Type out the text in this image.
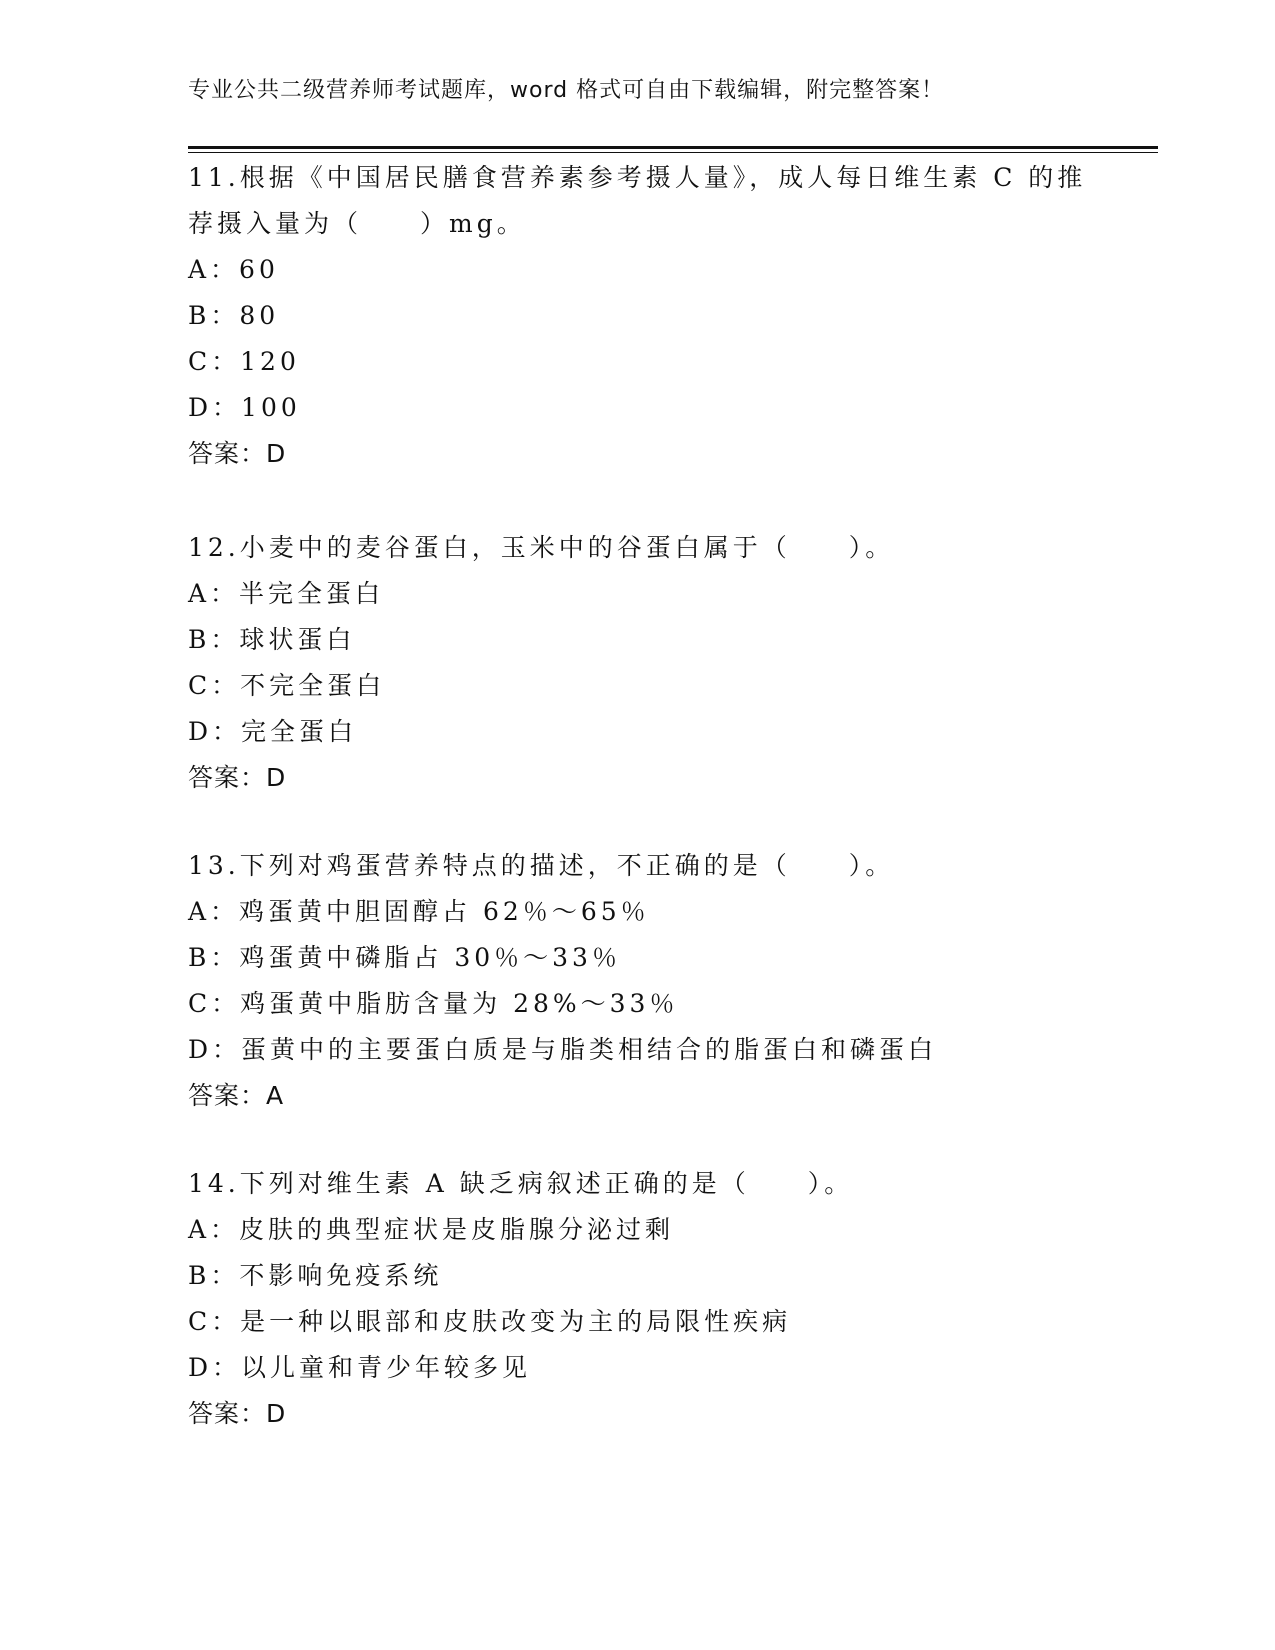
专业公共二级营养师考试题库，word 格式可自由下载编辑，附完整答案！
11.根据《中国居民膳食营养素参考摄人量》，成人每日维生素 C 的推
荐摄入量为（　　）mg。
A：60
B：80
C：120
D：100
答案：D
12.小麦中的麦谷蛋白，玉米中的谷蛋白属于（　　）。
A：半完全蛋白
B：球状蛋白
C：不完全蛋白
D：完全蛋白
答案：D
13.下列对鸡蛋营养特点的描述，不正确的是（　　）。
A：鸡蛋黄中胆固醇占 62％～65％
B：鸡蛋黄中磷脂占 30％～33％
C：鸡蛋黄中脂肪含量为 28%～33％
D：蛋黄中的主要蛋白质是与脂类相结合的脂蛋白和磷蛋白
答案：A
14.下列对维生素 A 缺乏病叙述正确的是（　　）。
A：皮肤的典型症状是皮脂腺分泌过剩
B：不影响免疫系统
C：是一种以眼部和皮肤改变为主的局限性疾病
D：以儿童和青少年较多见
答案：D
